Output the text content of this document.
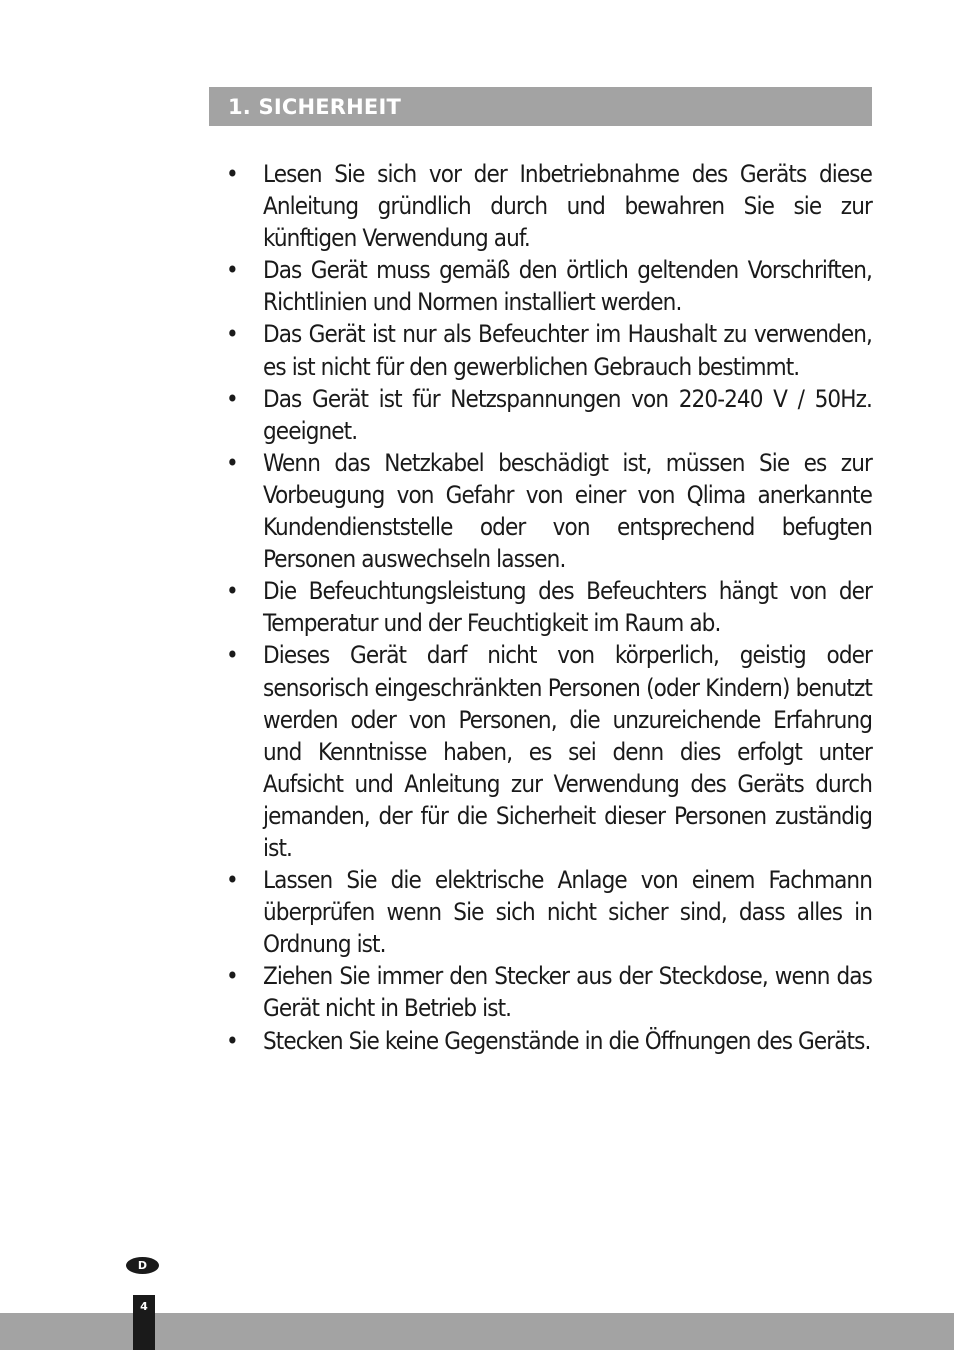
1. SICHERHEIT
•	Lesen Sie sich vor der Inbetriebnahme des Geräts diese Anleitung gründlich durch und bewahren Sie sie zur künftigen Verwendung auf.
•	Das Gerät muss gemäß den örtlich geltenden Vorschriften, Richtlinien und Normen installiert werden.
•	Das Gerät ist nur als Befeuchter im Haushalt zu verwenden, es ist nicht für den gewerblichen Gebrauch bestimmt.
•	Das Gerät ist für Netzspannungen von 220-240 V / 50Hz. geeignet.
•	Wenn das Netzkabel beschädigt ist, müssen Sie es zur Vorbeugung von Gefahr von einer von Qlima anerkannte Kundendienststelle oder von entsprechend befugten Personen auswechseln lassen.
•	Die Befeuchtungsleistung des Befeuchters hängt von der Temperatur und der Feuchtigkeit im Raum ab.
•	Dieses Gerät darf nicht von körperlich, geistig oder sensorisch eingeschränkten Personen (oder Kindern) benutzt werden oder von Personen, die unzureichende Erfahrung und Kenntnisse haben, es sei denn dies erfolgt unter Aufsicht und Anleitung zur Verwendung des Geräts durch jemanden, der für die Sicherheit dieser Personen zuständig ist.
•	Lassen Sie die elektrische Anlage von einem Fachmann überprüfen wenn Sie sich nicht sicher sind, dass alles in Ordnung ist.
•	Ziehen Sie immer den Stecker aus der Steckdose, wenn das Gerät nicht in Betrieb ist.
•	Stecken Sie keine Gegenstände in die Öffnungen des Geräts.
D
4
